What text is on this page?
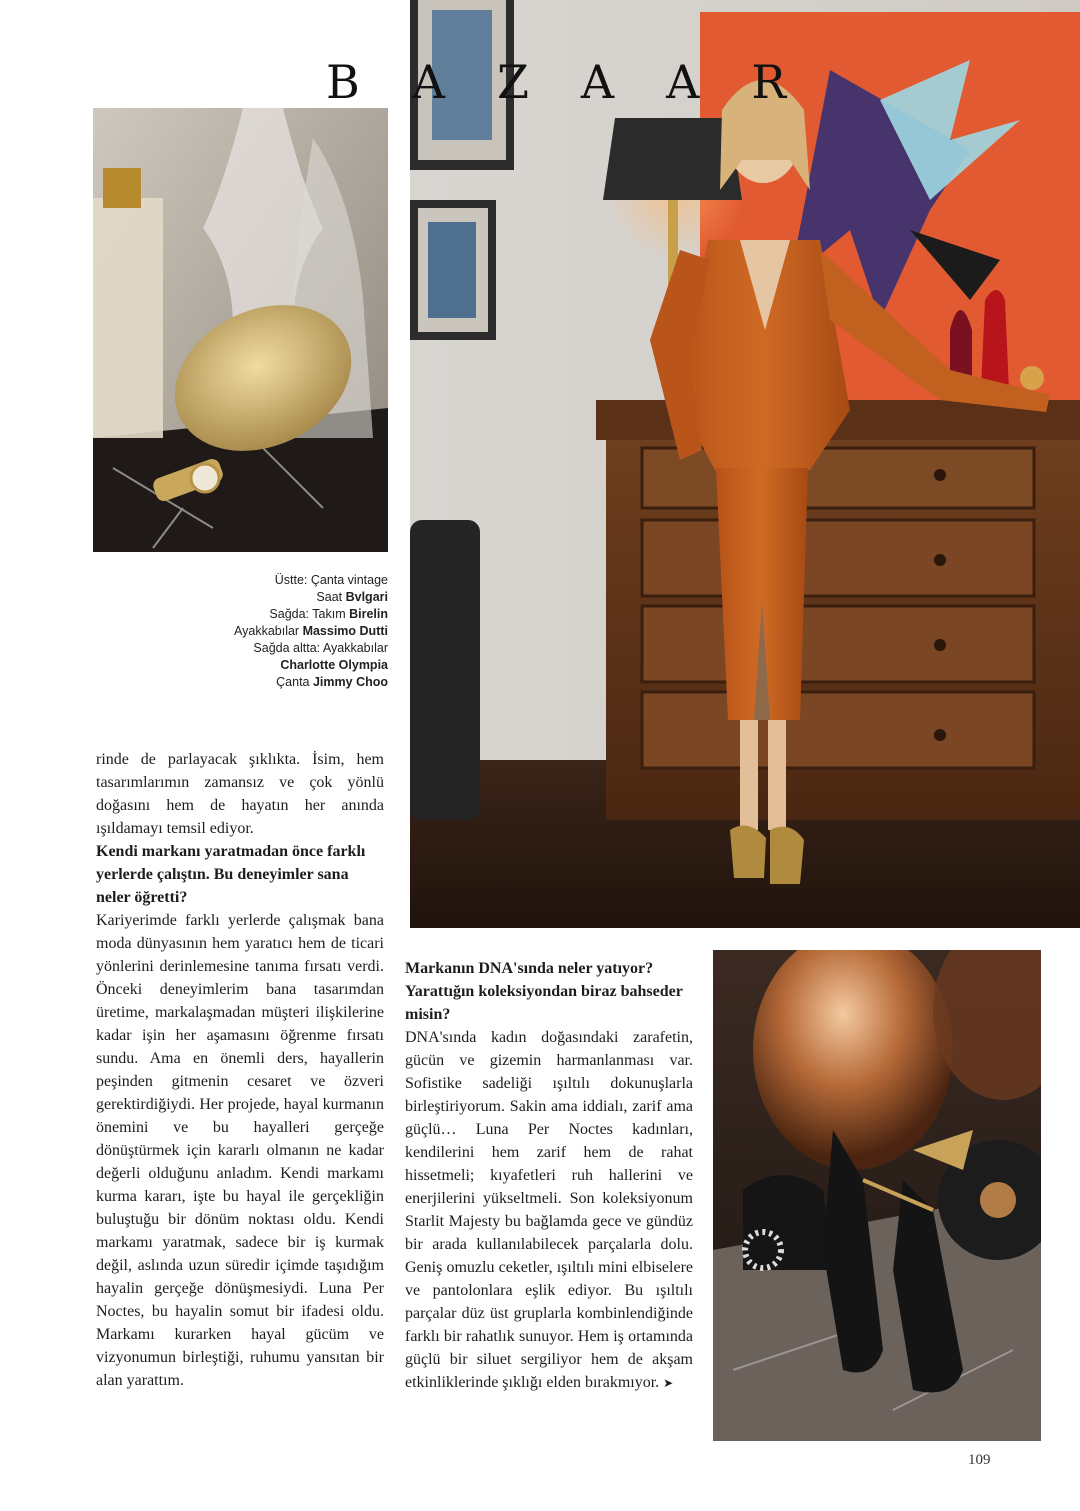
B A Z A A R
Üstte: Çanta vintage
Saat Bvlgari
Sağda: Takım Birelin
Ayakkabılar Massimo Dutti
Sağda altta: Ayakkabılar
Charlotte Olympia
Çanta Jimmy Choo

rinde de parlayacak şıklıkta. İsim, hem tasarımlarımın zamansız ve çok yönlü doğasını hem de hayatın her anında ışıldamayı temsil ediyor.

Kendi markanı yaratmadan önce farklı yerlerde çalıştın. Bu deneyimler sana neler öğretti?

Kariyerimde farklı yerlerde çalışmak bana moda dünyasının hem yaratıcı hem de ticari yönlerini derinlemesine tanıma fırsatı verdi. Önceki deneyimlerim bana tasarımdan üretime, markalaşmadan müşteri ilişkilerine kadar işin her aşamasını öğrenme fırsatı sundu. Ama en önemli ders, hayallerin peşinden gitmenin cesaret ve özveri gerektirdiğiydi. Her projede, hayal kurmanın önemini ve bu hayalleri gerçeğe dönüştürmek için kararlı olmanın ne kadar değerli olduğunu anladım. Kendi markamı kurma kararı, işte bu hayal ile gerçekliğin buluştuğu bir dönüm noktası oldu. Kendi markamı yaratmak, sadece bir iş kurmak değil, aslında uzun süredir içimde taşıdığım hayalin gerçeğe dönüşmesiydi. Luna Per Noctes, bu hayalin somut bir ifadesi oldu. Markamı kurarken hayal gücüm ve vizyonumun birleştiği, ruhumu yansıtan bir alan yarattım.

Markanın DNA'sında neler yatıyor? Yarattığın koleksiyondan biraz bahseder misin?

DNA'sında kadın doğasındaki zarafetin, gücün ve gizemin harmanlanması var. Sofistike sadeliği ışıltılı dokunuşlarla birleştiriyorum. Sakin ama iddialı, zarif ama güçlü… Luna Per Noctes kadınları, kendilerini hem zarif hem de rahat hissetmeli; kıyafetleri ruh hallerini ve enerjilerini yükseltmeli. Son koleksiyonum Starlit Majesty bu bağlamda gece ve gündüz bir arada kullanılabilecek parçalarla dolu. Geniş omuzlu ceketler, ışıltılı mini elbiselere ve pantolonlara eşlik ediyor. Bu ışıltılı parçalar düz üst gruplarla kombinlendiğinde farklı bir rahatlık sunuyor. Hem iş ortamında güçlü bir siluet sergiliyor hem de akşam etkinliklerinde şıklığı elden bırakmıyor. ➤

109
